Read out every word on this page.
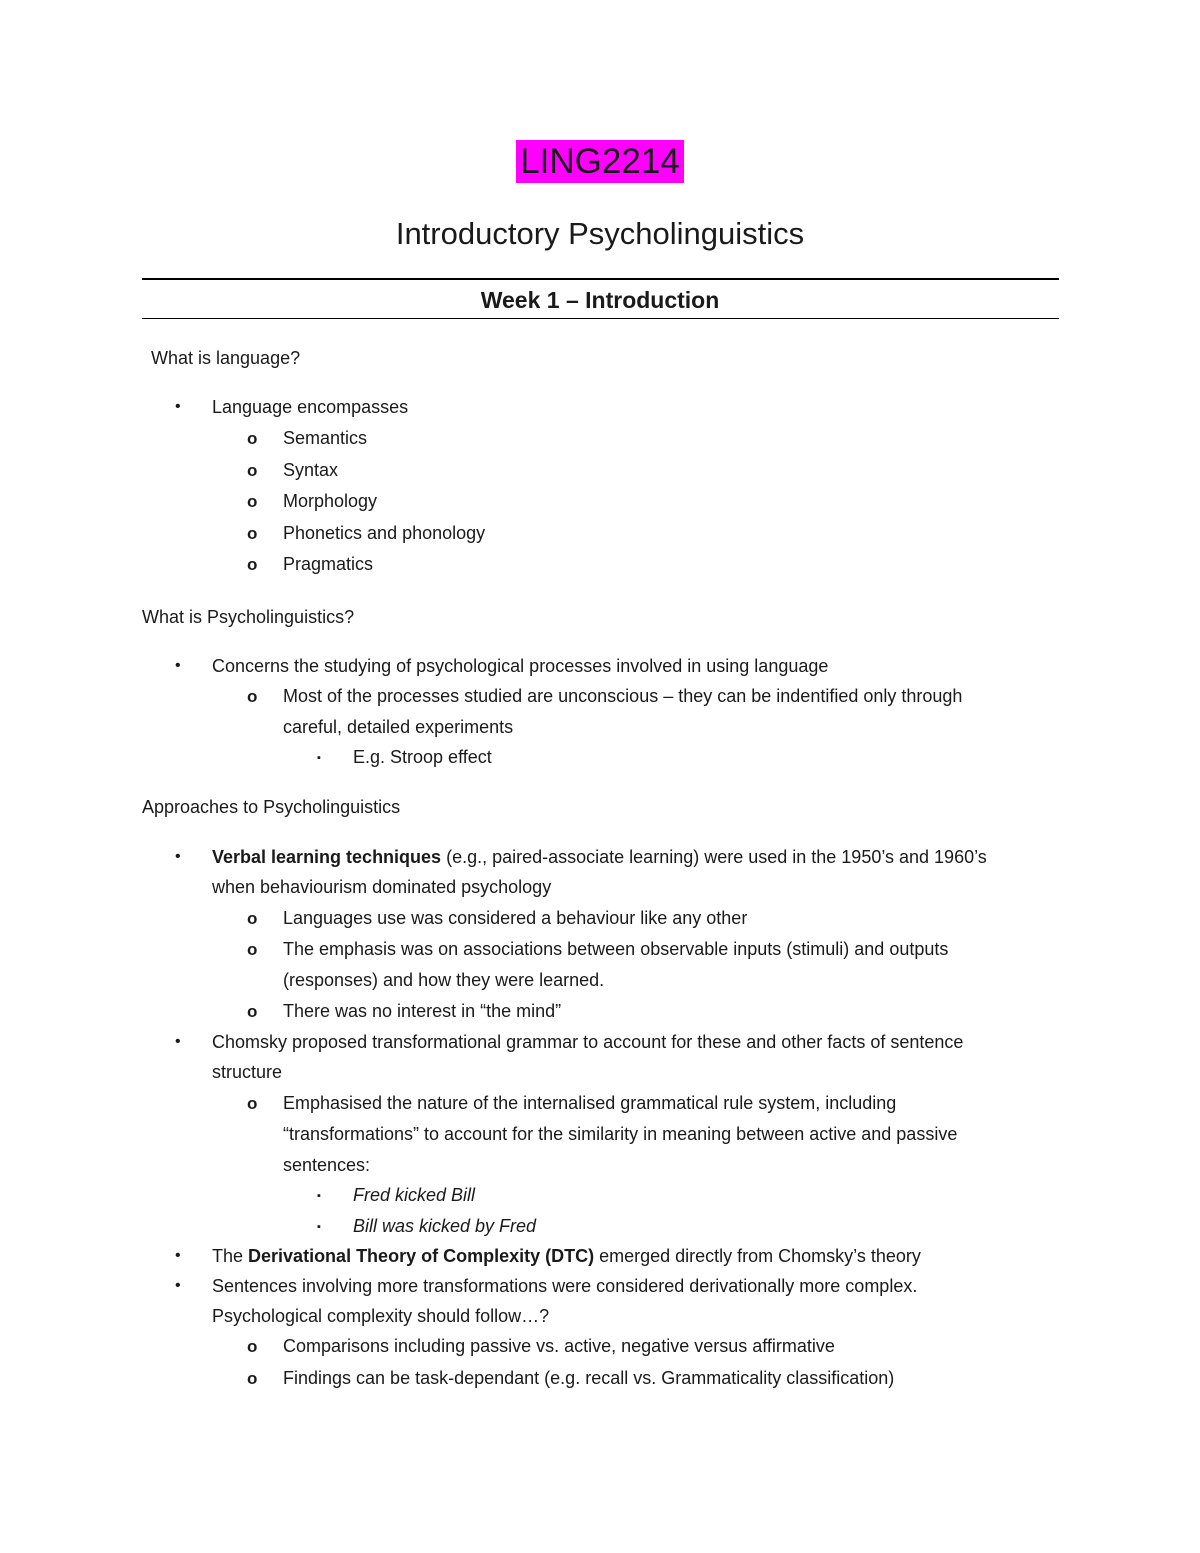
LING2214
Introductory Psycholinguistics
Week 1 – Introduction
What is language?
• Language encompasses
o Semantics
o Syntax
o Morphology
o Phonetics and phonology
o Pragmatics
What is Psycholinguistics?
• Concerns the studying of psychological processes involved in using language
o Most of the processes studied are unconscious – they can be indentified only through
careful, detailed experiments
▪ E.g. Stroop effect
Approaches to Psycholinguistics
• Verbal learning techniques (e.g., paired-associate learning) were used in the 1950’s and 1960’s
when behaviourism dominated psychology
o Languages use was considered a behaviour like any other
o The emphasis was on associations between observable inputs (stimuli) and outputs
(responses) and how they were learned.
o There was no interest in “the mind”
• Chomsky proposed transformational grammar to account for these and other facts of sentence
structure
o Emphasised the nature of the internalised grammatical rule system, including
“transformations” to account for the similarity in meaning between active and passive
sentences:
▪ Fred kicked Bill
▪ Bill was kicked by Fred
• The Derivational Theory of Complexity (DTC) emerged directly from Chomsky’s theory
• Sentences involving more transformations were considered derivationally more complex.
Psychological complexity should follow…?
o Comparisons including passive vs. active, negative versus affirmative
o Findings can be task-dependant (e.g. recall vs. Grammaticality classification)
